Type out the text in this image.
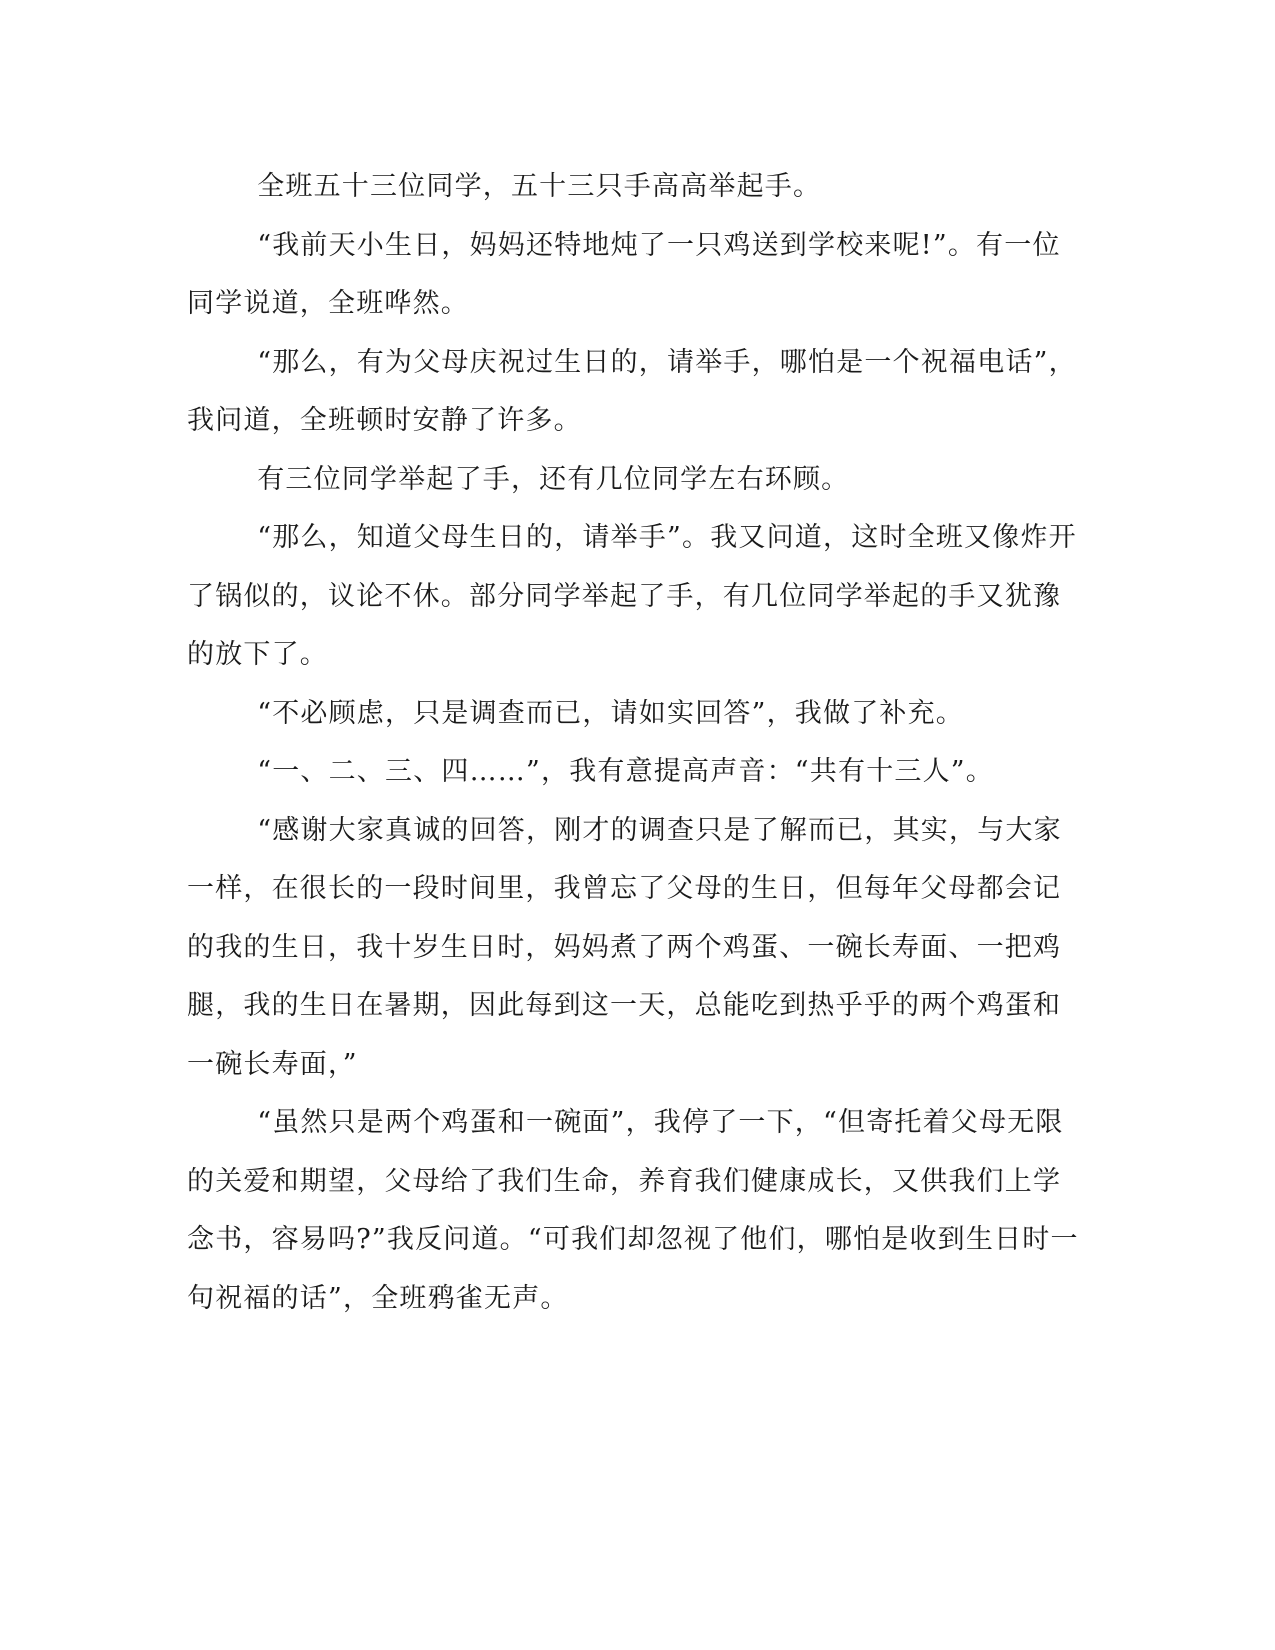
全班五十三位同学，五十三只手高高举起手。

“我前天小生日，妈妈还特地炖了一只鸡送到学校来呢!”。有一位同学说道，全班哗然。

“那么，有为父母庆祝过生日的，请举手，哪怕是一个祝福电话”，我问道，全班顿时安静了许多。

有三位同学举起了手，还有几位同学左右环顾。

“那么，知道父母生日的，请举手”。我又问道，这时全班又像炸开了锅似的，议论不休。部分同学举起了手，有几位同学举起的手又犹豫的放下了。

“不必顾虑，只是调查而已，请如实回答”，我做了补充。

“一、二、三、四……”，我有意提高声音：“共有十三人”。

“感谢大家真诚的回答，刚才的调查只是了解而已，其实，与大家一样，在很长的一段时间里，我曾忘了父母的生日，但每年父母都会记的我的生日，我十岁生日时，妈妈煮了两个鸡蛋、一碗长寿面、一把鸡腿，我的生日在暑期，因此每到这一天，总能吃到热乎乎的两个鸡蛋和一碗长寿面，”

“虽然只是两个鸡蛋和一碗面”，我停了一下，“但寄托着父母无限的关爱和期望，父母给了我们生命，养育我们健康成长，又供我们上学念书，容易吗?”我反问道。“可我们却忽视了他们，哪怕是收到生日时一句祝福的话”，全班鸦雀无声。
